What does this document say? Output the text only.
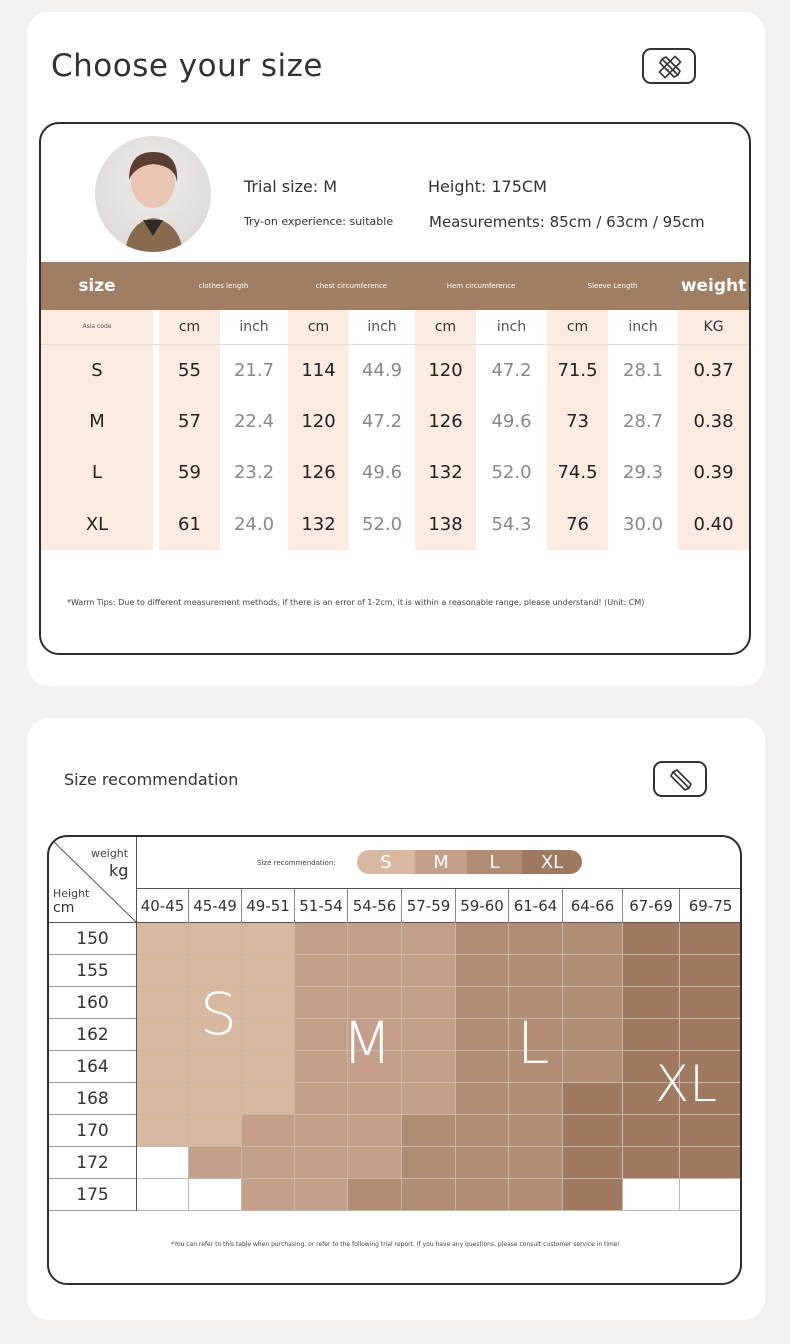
Choose your size
Trial size: M
Try-on experience: suitable
Height: 175CM
Measurements: 85cm / 63cm / 95cm
size		clothes length		chest circumference		Hem circumference		Sleeve Length		weight
Asia code		cm	inch	cm	inch	cm	inch	cm	inch	KG
S		55	21.7	114	44.9	120	47.2	71.5	28.1	0.37
M		57	22.4	120	47.2	126	49.6	73	28.7	0.38
L		59	23.2	126	49.6	132	52.0	74.5	29.3	0.39
XL		61	24.0	132	52.0	138	54.3	76	30.0	0.40
*Warm Tips: Due to different measurement methods, if there is an error of 1-2cm, it is within a reasonable range, please understand! (Unit: CM)
Size recommendation
weight
kg
Height
cm
Size recommendation:	S	M	L	XL
40-45 45-49 49-51 51-54 54-56 57-59 59-60 61-64 64-66 67-69	69-75
150
155
160
162
164
168
170
172
175
S M L
XL
*You can refer to this table when purchasing, or refer to the following trial report. If you have any questions, please consult customer service in time!
